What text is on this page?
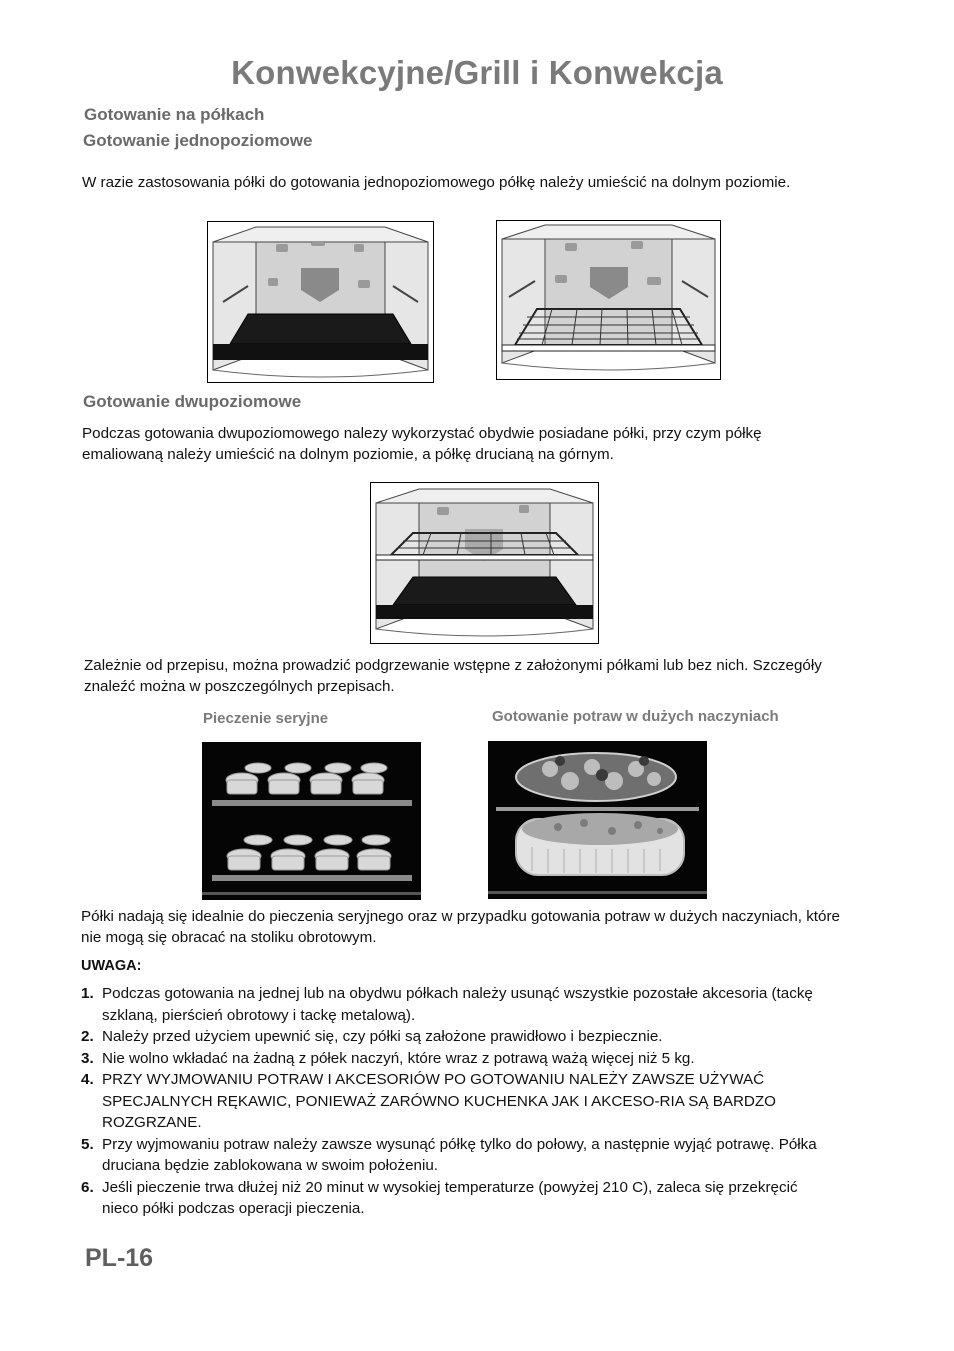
Konwekcyjne/Grill i Konwekcja
Gotowanie na półkach
Gotowanie jednopoziomowe
W razie zastosowania półki do gotowania jednopoziomowego półkę należy umieścić na dolnym poziomie.
Gotowanie dwupoziomowe
Podczas gotowania dwupoziomowego nalezy wykorzystać obydwie posiadane półki, przy czym półkę emaliowaną należy umieścić na dolnym poziomie, a półkę drucianą na górnym.
Zależnie od przepisu, można prowadzić podgrzewanie wstępne z założonymi półkami lub bez nich. Szczegóły znaleźć można w poszczególnych przepisach.
Pieczenie seryjne	Gotowanie potraw w dużych naczyniach
Półki nadają się idealnie do pieczenia seryjnego oraz w przypadku gotowania potraw w dużych naczyniach, które nie mogą się obracać na stoliku obrotowym.
UWAGA:
1. Podczas gotowania na jednej lub na obydwu półkach należy usunąć wszystkie pozostałe akcesoria (tackę szklaną, pierścień obrotowy i tackę metalową).
2. Należy przed użyciem upewnić się, czy półki są założone prawidłowo i bezpiecznie.
3. Nie wolno wkładać na żadną z półek naczyń, które wraz z potrawą ważą więcej niż 5 kg.
4. PRZY WYJMOWANIU POTRAW I AKCESORIÓW PO GOTOWANIU NALEŻY ZAWSZE UŻYWAĆ SPECJALNYCH RĘKAWIC, PONIEWAŻ ZARÓWNO KUCHENKA JAK I AKCESO-RIA SĄ BARDZO ROZGRZANE.
5. Przy wyjmowaniu potraw należy zawsze wysunąć półkę tylko do połowy, a następnie wyjąć potrawę. Półka druciana będzie zablokowana w swoim położeniu.
6. Jeśli pieczenie trwa dłużej niż 20 minut w wysokiej temperaturze (powyżej 210 C), zaleca się przekręcić nieco półki podczas operacji pieczenia.
PL-16
